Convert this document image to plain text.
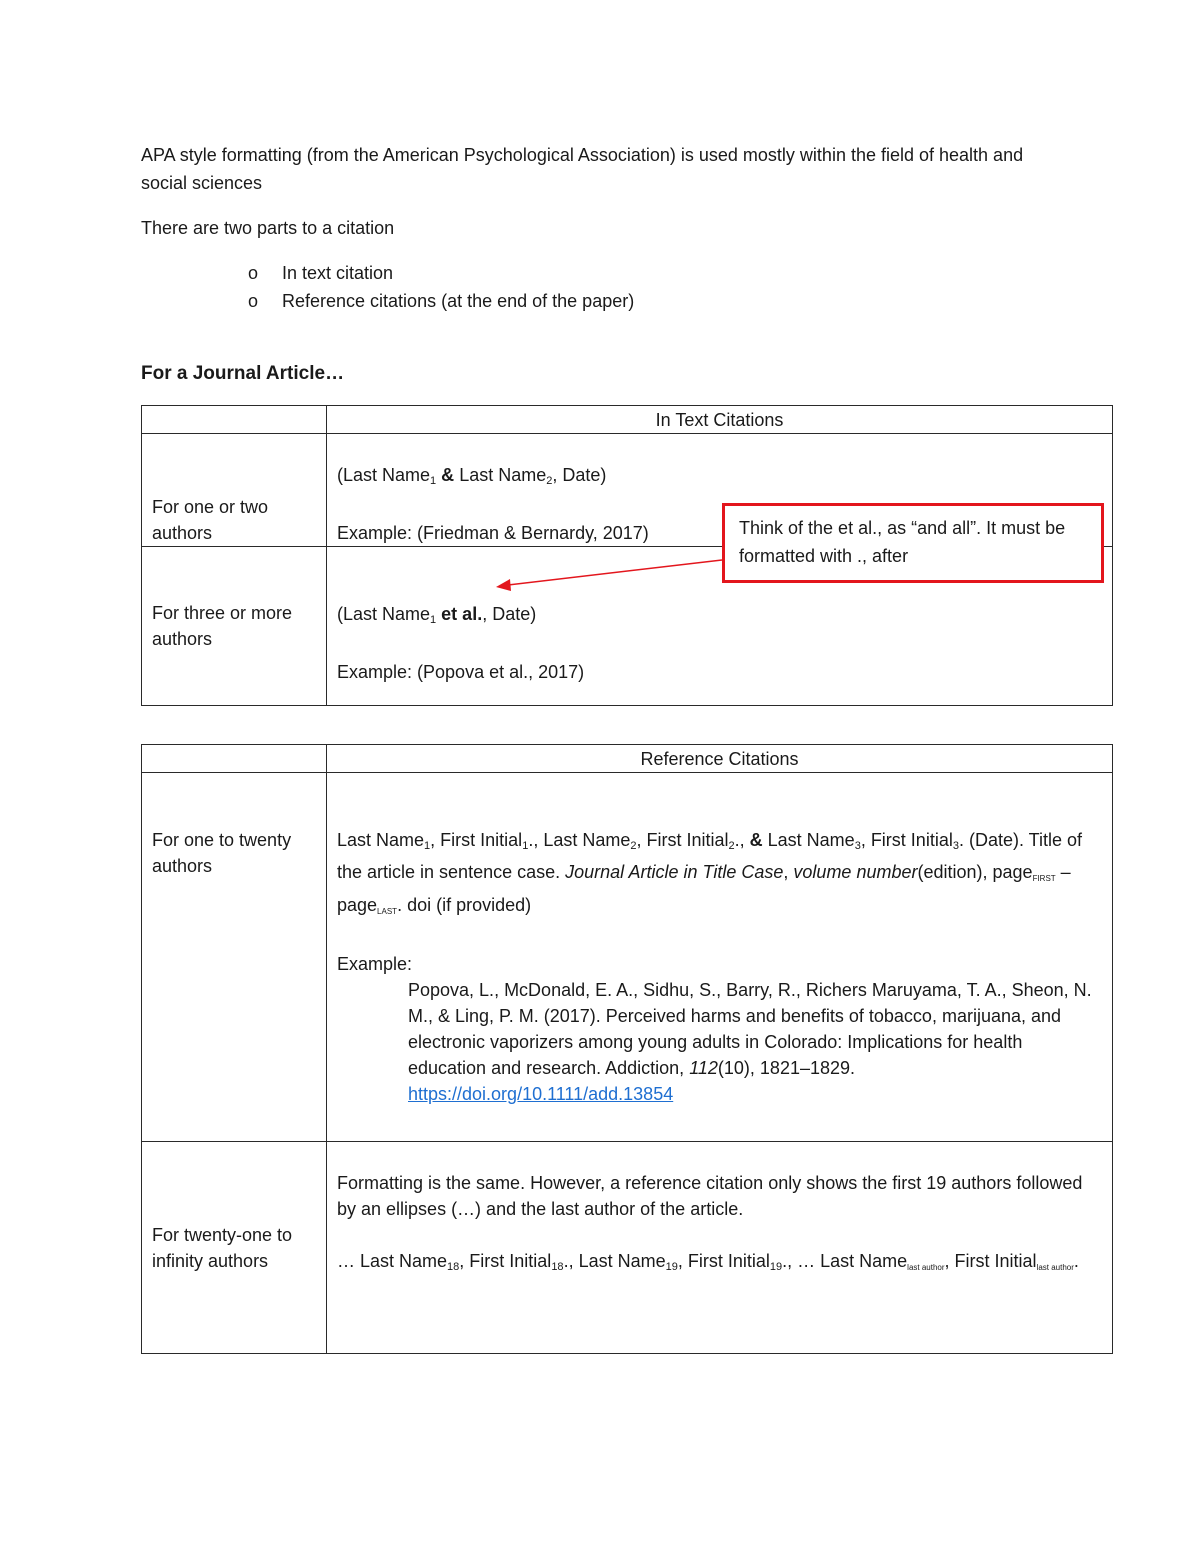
APA style formatting (from the American Psychological Association) is used mostly within the field of health and social sciences

There are two parts to a citation

o In text citation
o Reference citations (at the end of the paper)

For a Journal Article…

	In Text Citations
For one or two authors	(Last Name$_1$ & Last Name$_2$, Date)
Example: (Friedman & Bernardy, 2017)

For three or more authors	(Last Name$_1$ et al., Date)
Example: (Popova et al., 2017)
Think of the et al., as “and all”. It must be formatted with ., after
	Reference Citations
For one to twenty authors	Last Name$_1$, First Initial$_1$., Last Name$_2$, First Initial$_2$., & Last Name$_3$, First Initial$_3$. (Date). Title of the article in sentence case. Journal Article in Title Case, volume number(edition), pageFIRST – pageLAST. doi (if provided)
Example:
Popova, L., McDonald, E. A., Sidhu, S., Barry, R., Richers Maruyama, T. A., Sheon, N. M., & Ling, P. M. (2017). Perceived harms and benefits of tobacco, marijuana, and electronic vaporizers among young adults in Colorado: Implications for health education and research. Addiction, 112(10), 1821–1829. https://doi.org/10.1111/add.13854

For twenty-one to infinity authors	Formatting is the same. However, a reference citation only shows the first 19 authors followed by an ellipses (…) and the last author of the article.
… Last Name$_{18}$, First Initial$_{18}$., Last Name$_{19}$, First Initial$_{19}$., … Last Namelast author, First Initiallast author.
